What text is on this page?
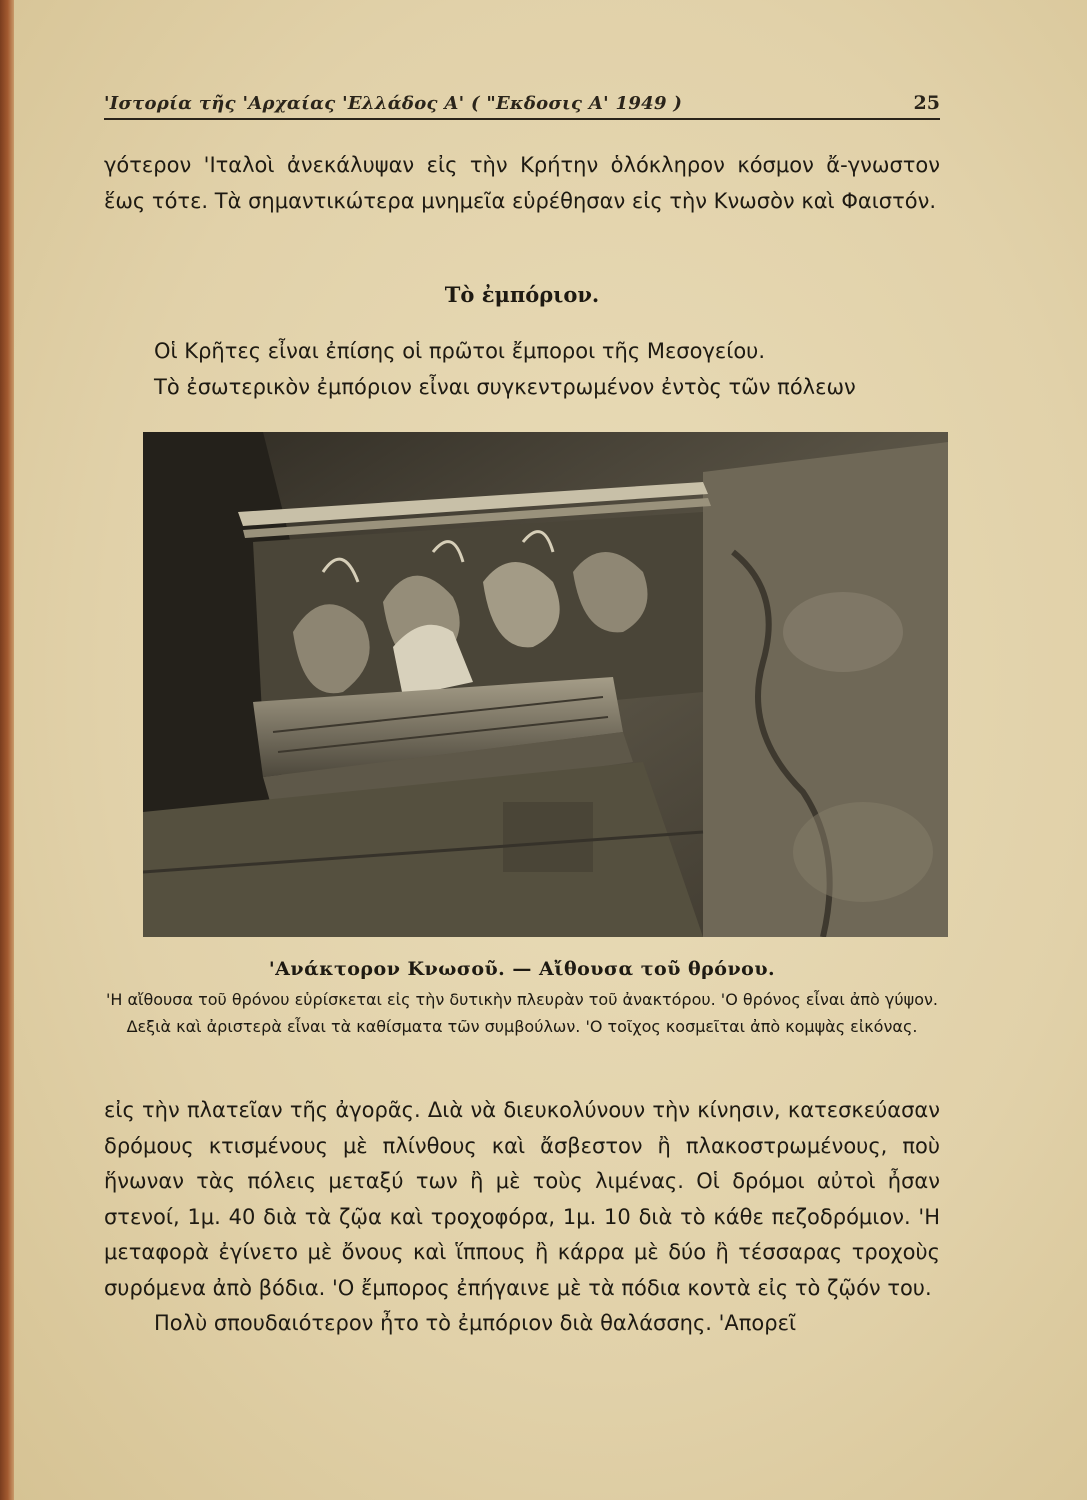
'Ιστορία τῆς 'Αρχαίας 'Ελλάδος Α' ( "Εκδοσις Α' 1949 )	25

γότερον 'Ιταλοὶ ἀνεκάλυψαν εἰς τὴν Κρήτην ὁλόκληρον κόσμον ἄ-γνωστον ἕως τότε. Τὰ σημαντικώτερα μνημεῖα εὑρέθησαν εἰς τὴν Κνωσὸν καὶ Φαιστόν.

Τὸ ἐμπόριον.

Οἱ Κρῆτες εἶναι ἐπίσης οἱ πρῶτοι ἔμποροι τῆς Μεσογείου.

Τὸ ἐσωτερικὸν ἐμπόριον εἶναι συγκεντρωμένον ἐντὸς τῶν πόλεων

'Ανάκτορον Κνωσοῦ. — Αἴθουσα τοῦ θρόνου.
'Η αἴθουσα τοῦ θρόνου εὑρίσκεται εἰς τὴν δυτικὴν πλευρὰν τοῦ ἀνακτόρου. 'Ο θρόνος εἶναι ἀπὸ γύψον. Δεξιὰ καὶ ἀριστερὰ εἶναι τὰ καθίσματα τῶν συμβούλων. 'Ο τοῖχος κοσμεῖται ἀπὸ κομψὰς εἰκόνας.

εἰς τὴν πλατεῖαν τῆς ἀγορᾶς. Διὰ νὰ διευκολύνουν τὴν κίνησιν, κατεσκεύασαν δρόμους κτισμένους μὲ πλίνθους καὶ ἄσβεστον ἢ πλακοστρωμένους, ποὺ ἥνωναν τὰς πόλεις μεταξύ των ἢ μὲ τοὺς λιμένας. Οἱ δρόμοι αὐτοὶ ἦσαν στενοί, 1μ. 40 διὰ τὰ ζῷα καὶ τροχοφόρα, 1μ. 10 διὰ τὸ κάθε πεζοδρόμιον. 'Η μεταφορὰ ἐγίνετο μὲ ὄνους καὶ ἵππους ἢ κάρρα μὲ δύο ἢ τέσσαρας τροχοὺς συρόμενα ἀπὸ βόδια. 'Ο ἔμπορος ἐπήγαινε μὲ τὰ πόδια κοντὰ εἰς τὸ ζῷόν του.

Πολὺ σπουδαιότερον ἦτο τὸ ἐμπόριον διὰ θαλάσσης. 'Απορεῖ
